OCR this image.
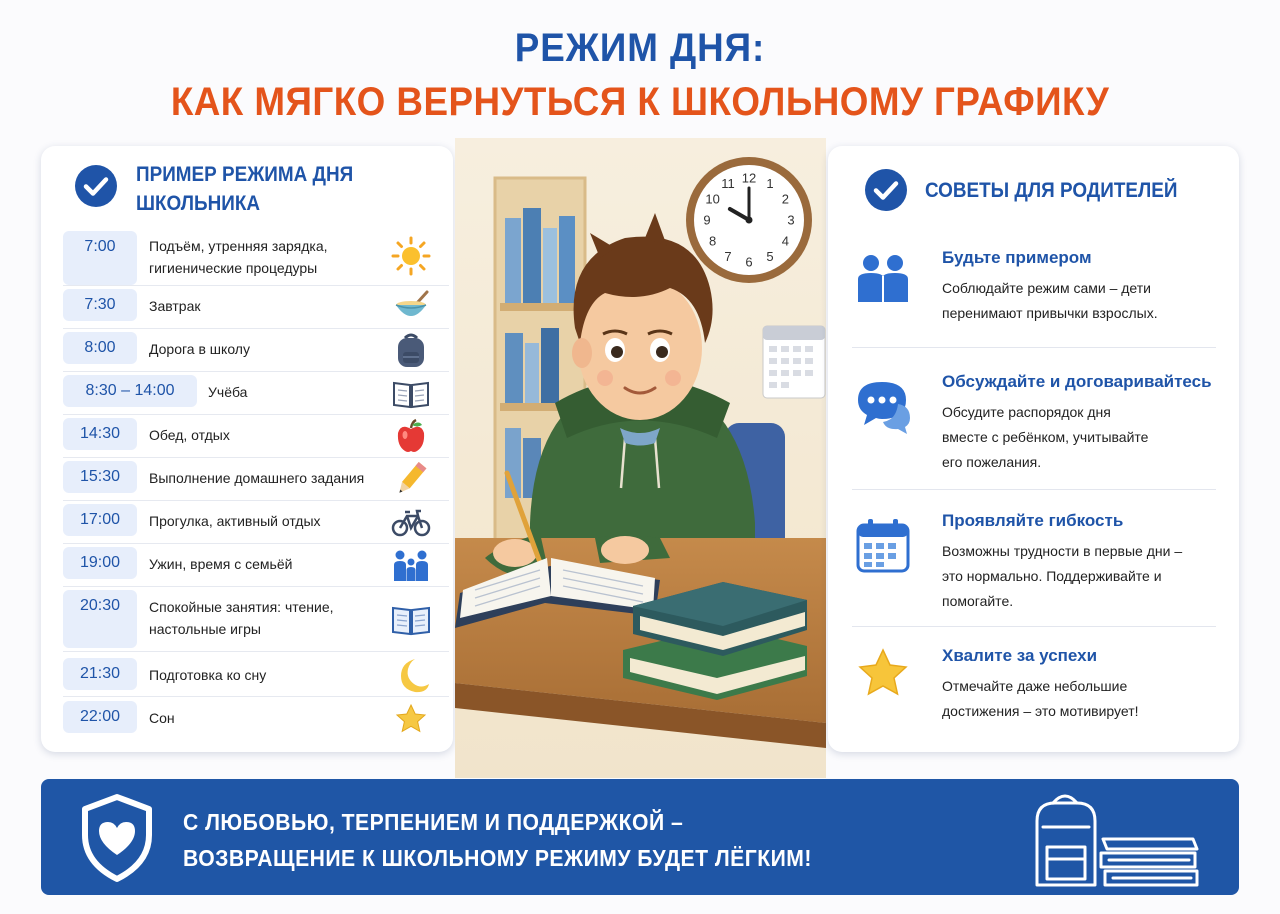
РЕЖИМ ДНЯ:
КАК МЯГКО ВЕРНУТЬСЯ К ШКОЛЬНОМУ ГРАФИКУ
ПРИМЕР РЕЖИМА ДНЯ
ШКОЛЬНИКА
7:00	Подъём, утренняя зарядка,
гигиенические процедуры
7:30	Завтрак
8:00	Дорога в школу
8:30 – 14:00	Учёба
14:30	Обед, отдых
15:30	Выполнение домашнего задания
17:00	Прогулка, активный отдых
19:00	Ужин, время с семьёй
20:30	Спокойные занятия: чтение,
настольные игры
21:30	Подготовка ко сну
22:00	Сон
12 1
2
3
4
5
6
7
8
9
10
11	СОВЕТЫ ДЛЯ РОДИТЕЛЕЙ
Будьте примером
Соблюдайте режим сами – дети
перенимают привычки взрослых.
Обсуждайте и договаривайтесь
Обсудите распорядок дня
вместе с ребёнком, учитывайте
его пожелания.
Проявляйте гибкость
Возможны трудности в первые дни –
это нормально. Поддерживайте и
помогайте.
Хвалите за успехи
Отмечайте даже небольшие
достижения – это мотивирует!
С ЛЮБОВЬЮ, ТЕРПЕНИЕМ И ПОДДЕРЖКОЙ –
ВОЗВРАЩЕНИЕ К ШКОЛЬНОМУ РЕЖИМУ БУДЕТ ЛЁГКИМ!
